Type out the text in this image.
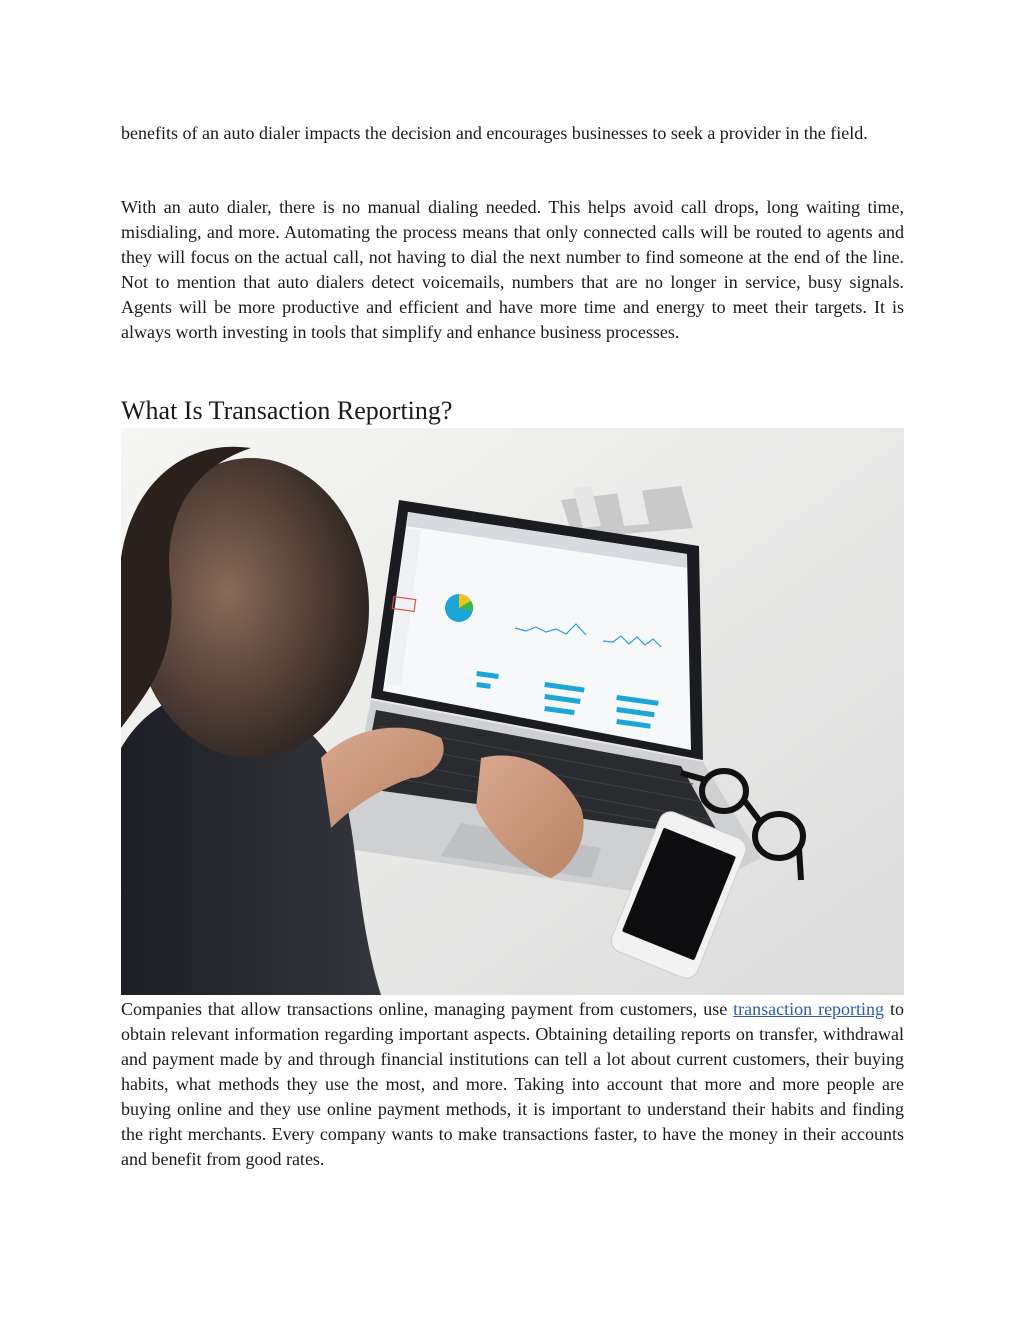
benefits of an auto dialer impacts the decision and encourages businesses to seek a provider in the field.

With an auto dialer, there is no manual dialing needed. This helps avoid call drops, long waiting time, misdialing, and more. Automating the process means that only connected calls will be routed to agents and they will focus on the actual call, not having to dial the next number to find someone at the end of the line. Not to mention that auto dialers detect voicemails, numbers that are no longer in service, busy signals. Agents will be more productive and efficient and have more time and energy to meet their targets. It is always worth investing in tools that simplify and enhance business processes.

What Is Transaction Reporting?

Companies that allow transactions online, managing payment from customers, use transaction reporting to obtain relevant information regarding important aspects. Obtaining detailing reports on transfer, withdrawal and payment made by and through financial institutions can tell a lot about current customers, their buying habits, what methods they use the most, and more. Taking into account that more and more people are buying online and they use online payment methods, it is important to understand their habits and finding the right merchants. Every company wants to make transactions faster, to have the money in their accounts and benefit from good rates.
